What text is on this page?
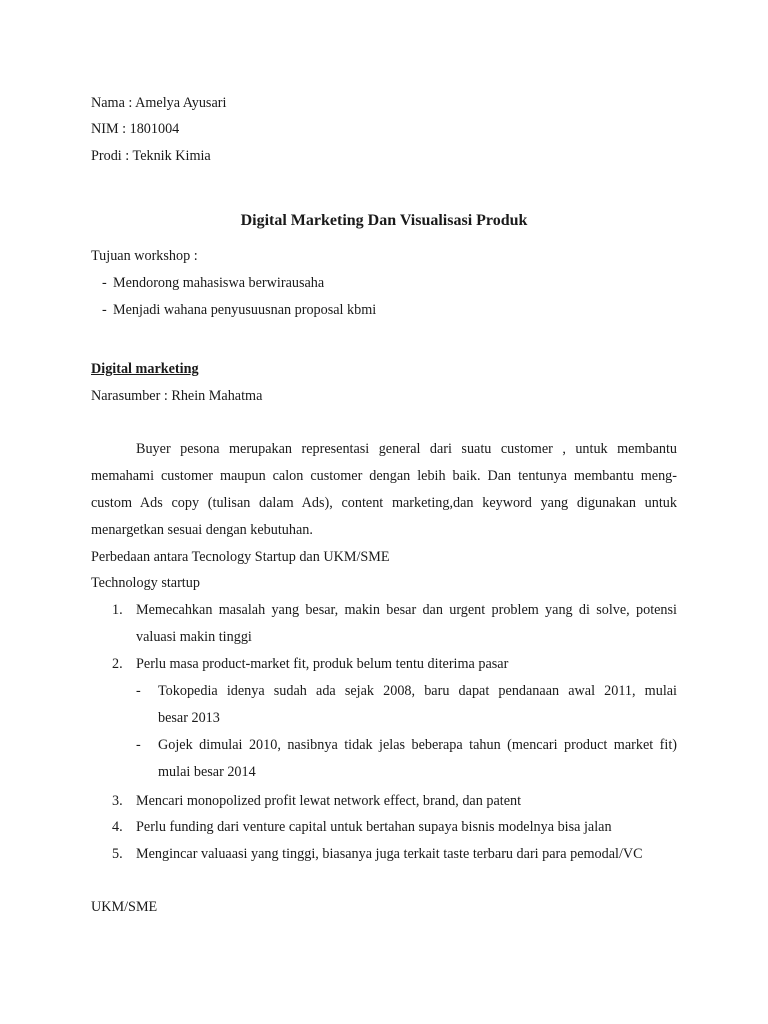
Nama : Amelya Ayusari
NIM : 1801004
Prodi : Teknik Kimia
Digital Marketing Dan Visualisasi Produk
Tujuan workshop :
- Mendorong mahasiswa berwirausaha
- Menjadi wahana penyusuusnan proposal kbmi
Digital marketing
Narasumber : Rhein Mahatma
Buyer pesona merupakan representasi general dari suatu customer , untuk membantu
memahami customer maupun calon customer dengan lebih baik. Dan tentunya membantu meng-
custom Ads copy (tulisan dalam Ads), content marketing,dan keyword yang digunakan untuk
menargetkan sesuai dengan kebutuhan.
Perbedaan antara Tecnology Startup dan UKM/SME
Technology startup
1. Memecahkan masalah yang besar, makin besar dan urgent problem yang di solve, potensi
valuasi makin tinggi
2. Perlu masa product-market fit, produk belum tentu diterima pasar
- Tokopedia idenya sudah ada sejak 2008, baru dapat pendanaan awal 2011, mulai
besar 2013
- Gojek dimulai 2010, nasibnya tidak jelas beberapa tahun (mencari product market fit)
mulai besar 2014
3. Mencari monopolized profit lewat network effect, brand, dan patent
4. Perlu funding dari venture capital untuk bertahan supaya bisnis modelnya bisa jalan
5. Mengincar valuaasi yang tinggi, biasanya juga terkait taste terbaru dari para pemodal/VC
UKM/SME
